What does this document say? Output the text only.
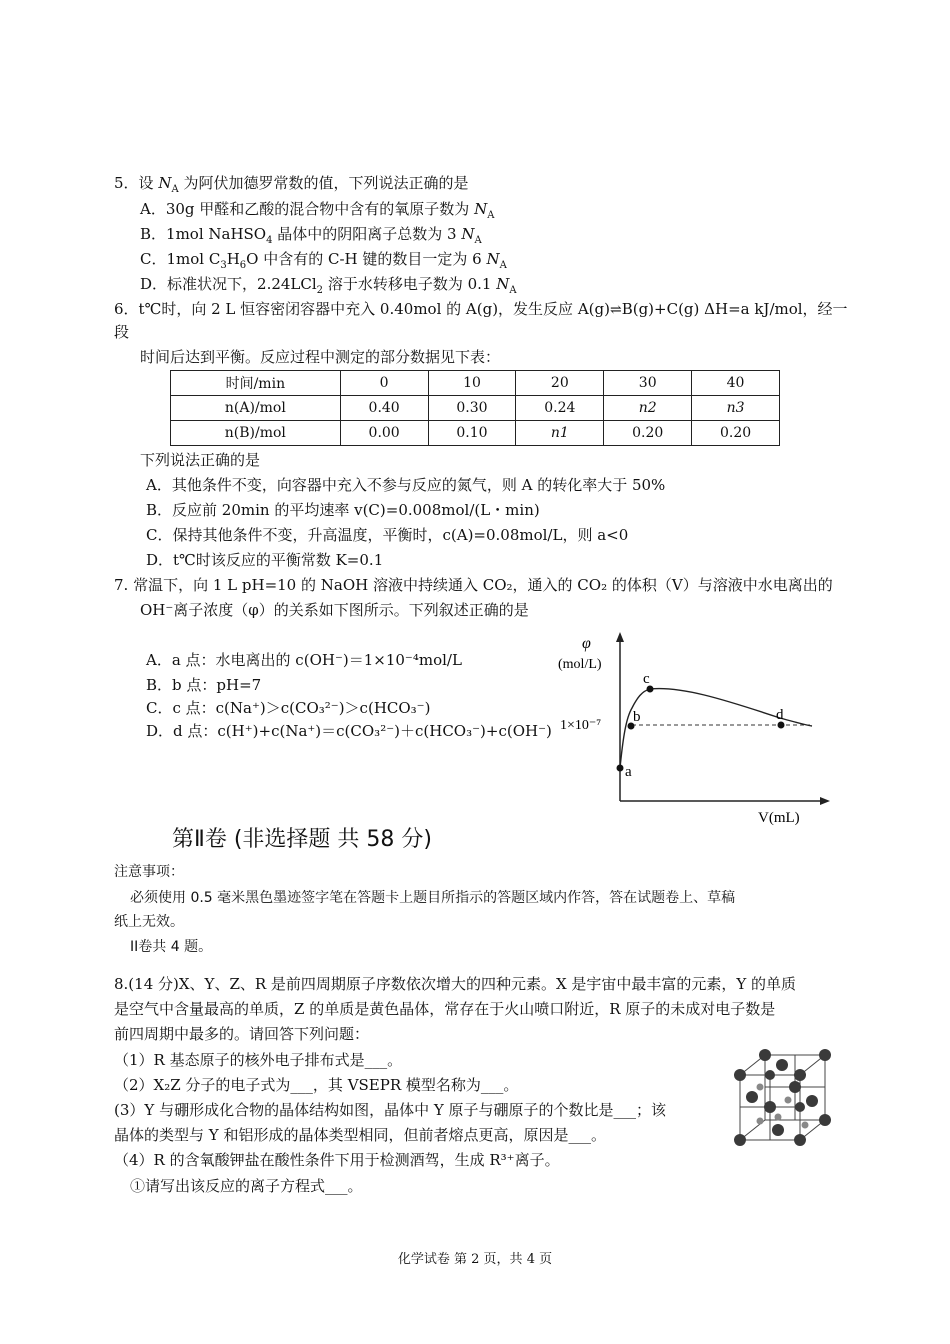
5．设 $N_A$ 为阿伏加德罗常数的值，下列说法正确的是
A．30g 甲醛和乙酸的混合物中含有的氧原子数为 $N_A$
B．1mol NaHSO$_4$ 晶体中的阴阳离子总数为 3 $N_A$
C．1mol $C_3H_6O$ 中含有的 C-H 键的数目一定为 6 $N_A$
D．标准状况下，2.24LCl$_2$ 溶于水转移电子数为 0.1 $N_A$
6．t℃时，向 2 L 恒容密闭容器中充入 0.40mol 的 A(g)，发生反应 A(g)⇌B(g)+C(g) ΔH=a kJ/mol，经一
段
时间后达到平衡。反应过程中测定的部分数据见下表：
时间/min	0	10	20	30	40
n(A)/mol	0.40	0.30	0.24	n2	n3
n(B)/mol	0.00	0.10	n1	0.20	0.20
下列说法正确的是
A．其他条件不变，向容器中充入不参与反应的氮气，则 A 的转化率大于 50%
B．反应前 20min 的平均速率 v(C)=0.008mol/(L・min)
C．保持其他条件不变，升高温度，平衡时，c(A)=0.08mol/L，则 a<0
D．t℃时该反应的平衡常数 K=0.1
7. 常温下，向 1 L pH=10 的 NaOH 溶液中持续通入 CO₂，通入的 CO₂ 的体积（V）与溶液中水电离出的
OH⁻离子浓度（φ）的关系如下图所示。下列叙述正确的是
A．a 点：水电离出的 c(OH⁻)＝1×10⁻⁴mol/L
B．b 点：pH=7
C．c 点：c(Na⁺)＞c(CO₃²⁻)＞c(HCO₃⁻)
D．d 点：c(H⁺)+c(Na⁺)＝c(CO₃²⁻)＋c(HCO₃⁻)+c(OH⁻)
φ
(mol/L)
1×10⁻⁷
V(mL)
a
b
c
d
第Ⅱ卷 (非选择题 共 58 分)
注意事项：
必须使用 0.5 毫米黑色墨迹签字笔在答题卡上题目所指示的答题区域内作答，答在试题卷上、草稿
纸上无效。
II卷共 4 题。
8.(14 分)X、Y、Z、R 是前四周期原子序数依次增大的四种元素。X 是宇宙中最丰富的元素，Y 的单质
是空气中含量最高的单质，Z 的单质是黄色晶体，常存在于火山喷口附近，R 原子的未成对电子数是
前四周期中最多的。请回答下列问题：
（1）R 基态原子的核外电子排布式是___。
（2）X₂Z 分子的电子式为___，其 VSEPR 模型名称为___。
(3）Y 与硼形成化合物的晶体结构如图，晶体中 Y 原子与硼原子的个数比是___；该
晶体的类型与 Y 和铝形成的晶体类型相同，但前者熔点更高，原因是___。
（4）R 的含氧酸钾盐在酸性条件下用于检测酒驾，生成 R³⁺离子。
①请写出该反应的离子方程式___。
化学试卷 第 2 页，共 4 页
